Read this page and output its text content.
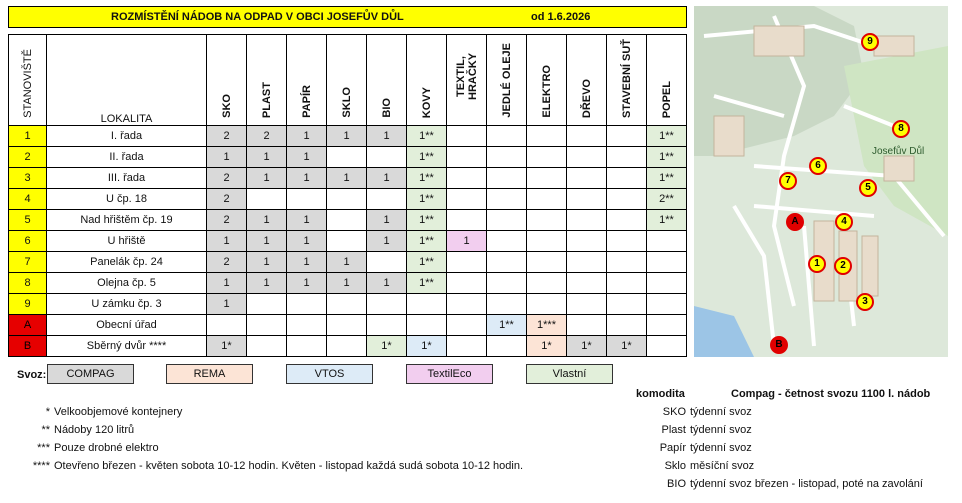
ROZMÍSTĚNÍ NÁDOB NA ODPAD V OBCI JOSEFŮV DŮL	od 1.6.2026
STANOVIŠTĚ	LOKALITA	SKO	PLAST	PAPÍR	SKLO	BIO	KOVY	TEXTIL, HRAČKY	JEDLÉ OLEJE	ELEKTRO	DŘEVO	STAVEBNÍ SUŤ	POPEL
1	I. řada	2	2	1	1	1	1**						1**
2	II. řada	1	1	1			1**						1**
3	III. řada	2	1	1	1	1	1**						1**
4	U čp. 18	2					1**						2**
5	Nad hřištěm čp. 19	2	1	1		1	1**						1**
6	U hřiště	1	1	1		1	1**	1					
7	Panelák čp. 24	2	1	1	1		1**						
8	Olejna čp. 5	1	1	1	1	1	1**						
9	U zámku čp. 3	1											
A	Obecní úřad								1**	1***			
B	Sběrný dvůr ****	1*				1*	1*			1*	1*	1*	
Svoz:	COMPAG	REMA	VTOS	TextilEco	Vlastní
* Velkoobjemové kontejnery
** Nádoby 120 litrů
*** Pouze drobné elektro
**** Otevřeno březen - květen sobota 10-12 hodin. Květen - listopad každá sudá sobota 10-12 hodin.
komodita	Compag - četnost svozu 1100 l. nádob
SKO týdenní svoz
Plast týdenní svoz
Papír týdenní svoz
Sklo měsíční svoz
BIO týdenní svoz březen - listopad, poté na zavolání
Josefův Důl
9
8
6
7
5
A	4
1	2
3
B
